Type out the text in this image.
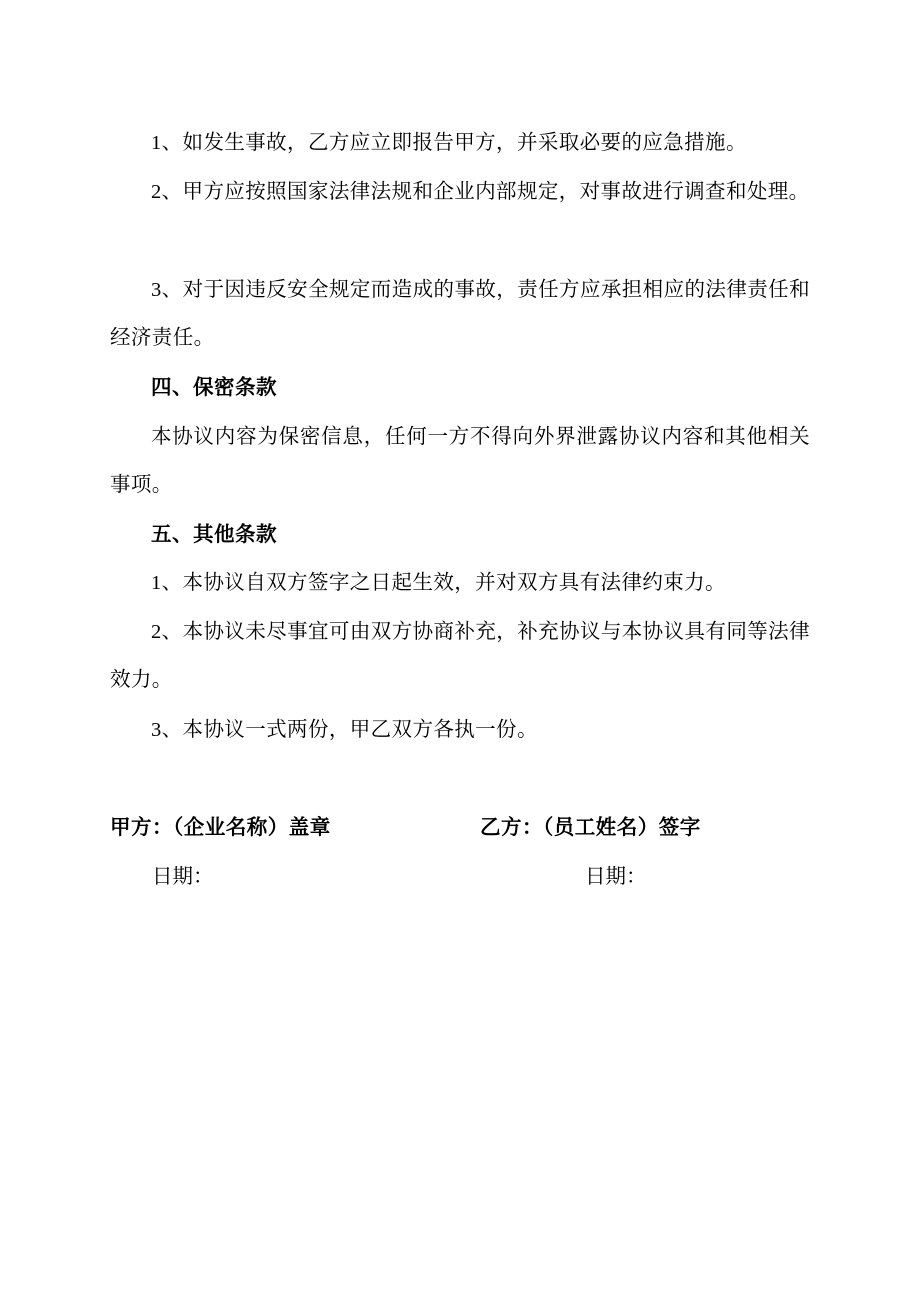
1、如发生事故，乙方应立即报告甲方，并采取必要的应急措施。

2、甲方应按照国家法律法规和企业内部规定，对事故进行调查和处理。

3、对于因违反安全规定而造成的事故，责任方应承担相应的法律责任和经济责任。

四、保密条款

本协议内容为保密信息，任何一方不得向外界泄露协议内容和其他相关事项。

五、其他条款

1、本协议自双方签字之日起生效，并对双方具有法律约束力。

2、本协议未尽事宜可由双方协商补充，补充协议与本协议具有同等法律效力。

3、本协议一式两份，甲乙双方各执一份。

甲方：（企业名称）盖章	乙方：（员工姓名）签字
日期：	日期：
